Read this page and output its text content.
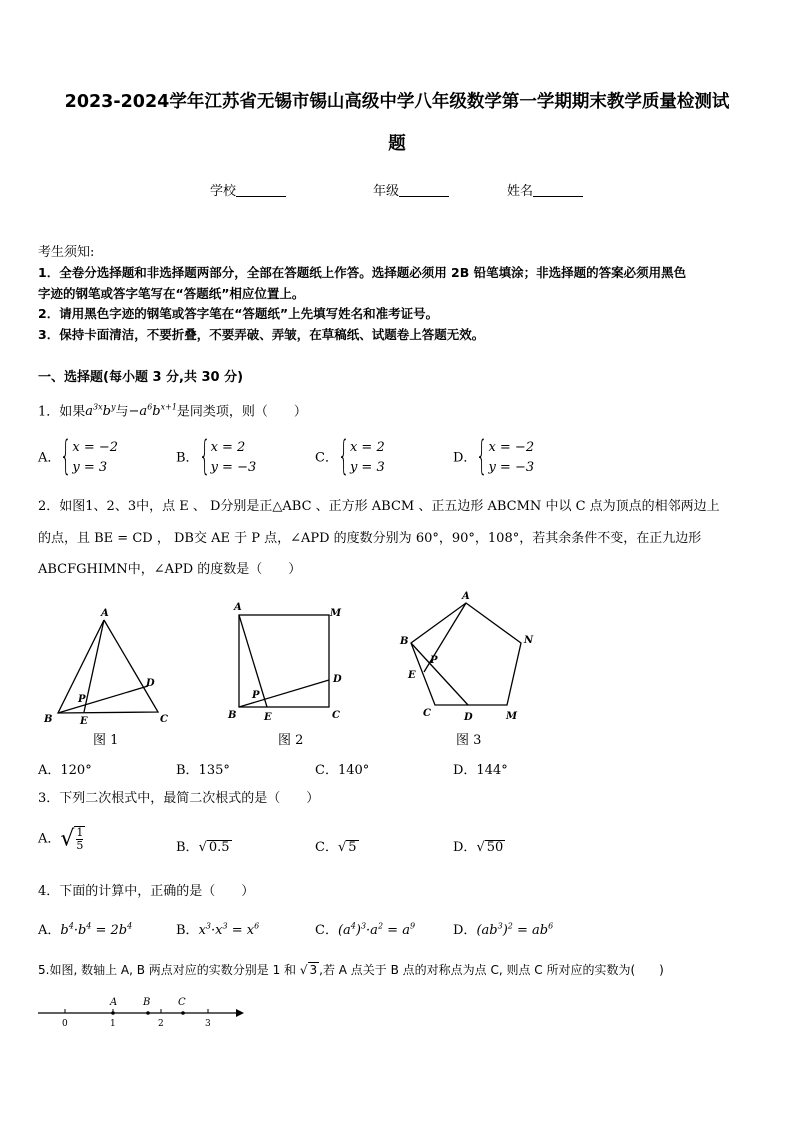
2023-2024学年江苏省无锡市锡山高级中学八年级数学第一学期期末教学质量检测试
题
学校	年级	姓名
考生须知:
1．全卷分选择题和非选择题两部分，全部在答题纸上作答。选择题必须用 2B 铅笔填涂；非选择题的答案必须用黑色
字迹的钢笔或答字笔写在“答题纸”相应位置上。
2．请用黑色字迹的钢笔或答字笔在“答题纸”上先填写姓名和准考证号。
3．保持卡面清洁，不要折叠，不要弄破、弄皱，在草稿纸、试题卷上答题无效。
一、选择题(每小题 3 分,共 30 分)
1．如果$a^{3x}b^y$与$-a^6b^{x+1}$是同类项，则（　　）
A． { x = −2
y = 3
B． { x = 2
y = −3
C． { x = 2
y = 3
D． { x = −2
y = −3
2．如图1、2、3中，点 E 、 D分别是正△ABC 、正方形 ABCM 、正五边形 ABCMN 中以 C 点为顶点的相邻两边上
的点，且 BE = CD ， DB交 AE 于 P 点，∠APD 的度数分别为 60°，90°，108°，若其余条件不变，在正九边形
ABCFGHIMN中，∠APD 的度数是（　　）
A
B	C
D
E
P
A
M
B	C
D
E
P
A
B	N
E
P
C	D	M
图 1	图 2	图 3
A．120°	B．135°	C．140°	D．144°
3．下列二次根式中，最简二次根式的是（　　）
A．√ $\frac{1}{5}$	B．√ 0.5	C．√ 5	D．√ 50
4．下面的计算中，正确的是（　　）
A．$b^4\cdot b^4 = 2b^4$	B．$x^3\cdot x^3 = x^6$	C．$(a^4)^3\cdot a^2 = a^9$	D．$(ab^3)^2 = ab^6$
5.如图, 数轴上 A, B 两点对应的实数分别是 1 和 √ 3 ,若 A 点关于 B 点的对称点为点 C, 则点 C 所对应的实数为(　　)
0	1	2	3
A	B	C
